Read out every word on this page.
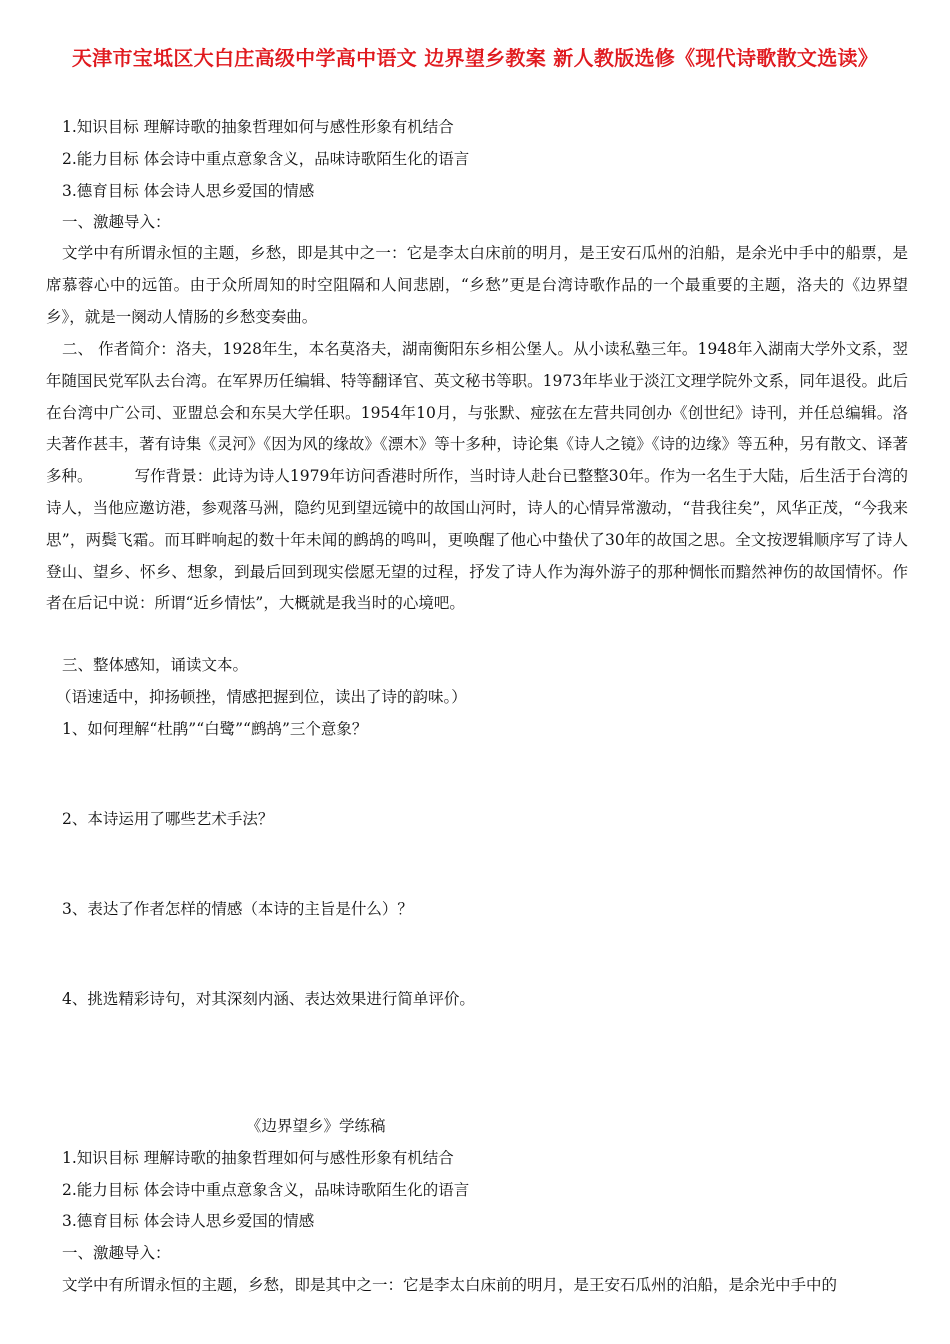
天津市宝坻区大白庄高级中学高中语文 边界望乡教案 新人教版选修《现代诗歌散文选读》
1.知识目标 理解诗歌的抽象哲理如何与感性形象有机结合
2.能力目标 体会诗中重点意象含义，品味诗歌陌生化的语言
3.德育目标 体会诗人思乡爱国的情感
一、激趣导入：
文学中有所谓永恒的主题，乡愁，即是其中之一：它是李太白床前的明月，是王安石瓜州的泊船，是余光中手中的船票，是席慕蓉心中的远笛。由于众所周知的时空阻隔和人间悲剧，“乡愁”更是台湾诗歌作品的一个最重要的主题，洛夫的《边界望乡》，就是一阕动人情肠的乡愁变奏曲。
二、 作者简介：洛夫，1928年生，本名莫洛夫，湖南衡阳东乡相公堡人。从小读私塾三年。1948年入湖南大学外文系，翌年随国民党军队去台湾。在军界历任编辑、特等翻译官、英文秘书等职。1973年毕业于淡江文理学院外文系，同年退役。此后在台湾中广公司、亚盟总会和东吴大学任职。1954年10月，与张默、痖弦在左营共同创办《创世纪》诗刊，并任总编辑。洛夫著作甚丰，著有诗集《灵河》《因为风的缘故》《漂木》等十多种，诗论集《诗人之镜》《诗的边缘》等五种，另有散文、译著多种。	写作背景：此诗为诗人1979年访问香港时所作，当时诗人赴台已整整30年。作为一名生于大陆，后生活于台湾的诗人，当他应邀访港，参观落马洲，隐约见到望远镜中的故国山河时，诗人的心情异常激动，“昔我往矣”，风华正茂，“今我来思”，两鬓飞霜。而耳畔响起的数十年未闻的鹧鸪的鸣叫，更唤醒了他心中蛰伏了30年的故国之思。全文按逻辑顺序写了诗人登山、望乡、怀乡、想象，到最后回到现实偿愿无望的过程，抒发了诗人作为海外游子的那种惆怅而黯然神伤的故国情怀。作者在后记中说：所谓“近乡情怯”，大概就是我当时的心境吧。
三、整体感知，诵读文本。
（语速适中，抑扬顿挫，情感把握到位，读出了诗的韵味。）
1、如何理解“杜鹃”“白鹭”“鹧鸪”三个意象？
2、本诗运用了哪些艺术手法？
3、表达了作者怎样的情感（本诗的主旨是什么）？
4、挑选精彩诗句，对其深刻内涵、表达效果进行简单评价。
《边界望乡》学练稿
1.知识目标 理解诗歌的抽象哲理如何与感性形象有机结合
2.能力目标 体会诗中重点意象含义，品味诗歌陌生化的语言
3.德育目标 体会诗人思乡爱国的情感
一、激趣导入：
文学中有所谓永恒的主题，乡愁，即是其中之一：它是李太白床前的明月，是王安石瓜州的泊船，是余光中手中的
